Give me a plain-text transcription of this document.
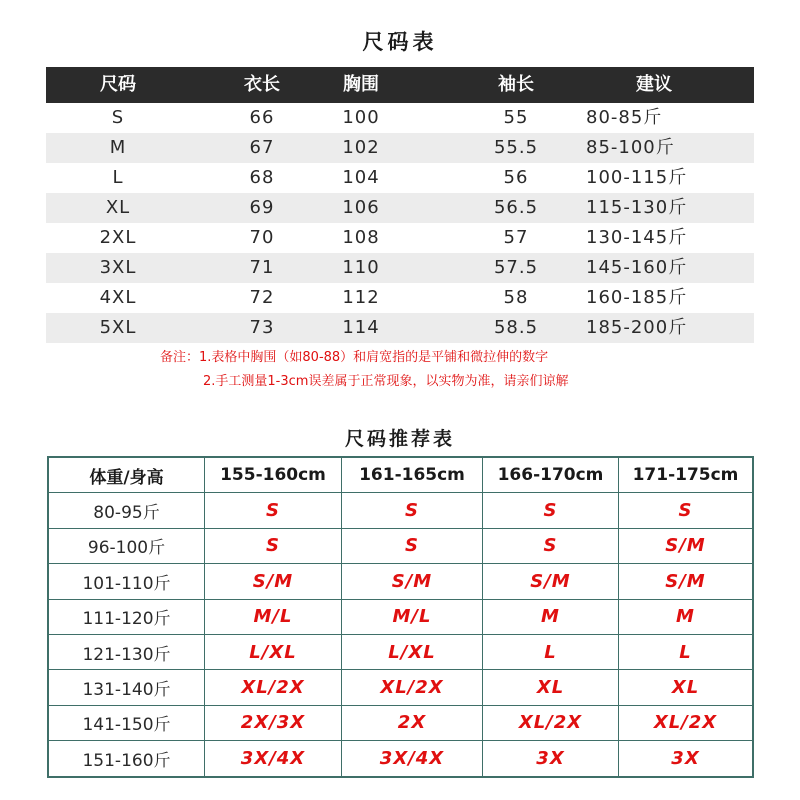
尺码表
尺码	衣长	胸围	袖长	建议
S	66	100	55	80-85斤
M	67	102	55.5	85-100斤
L	68	104	56	100-115斤
XL	69	106	56.5	115-130斤
2XL	70	108	57	130-145斤
3XL	71	110	57.5	145-160斤
4XL	72	112	58	160-185斤
5XL	73	114	58.5	185-200斤
备注：1.表格中胸围（如80-88）和肩宽指的是平铺和微拉伸的数字
2.手工测量1-3cm误差属于正常现象，以实物为准，请亲们谅解
尺码推荐表
体重/身高	155-160cm	161-165cm	166-170cm	171-175cm
80-95斤	S	S	S	S
96-100斤	S	S	S	S/M
101-110斤	S/M	S/M	S/M	S/M
111-120斤	M/L	M/L	M	M
121-130斤	L/XL	L/XL	L	L
131-140斤	XL/2X	XL/2X	XL	XL
141-150斤	2X/3X	2X	XL/2X	XL/2X
151-160斤	3X/4X	3X/4X	3X	3X
